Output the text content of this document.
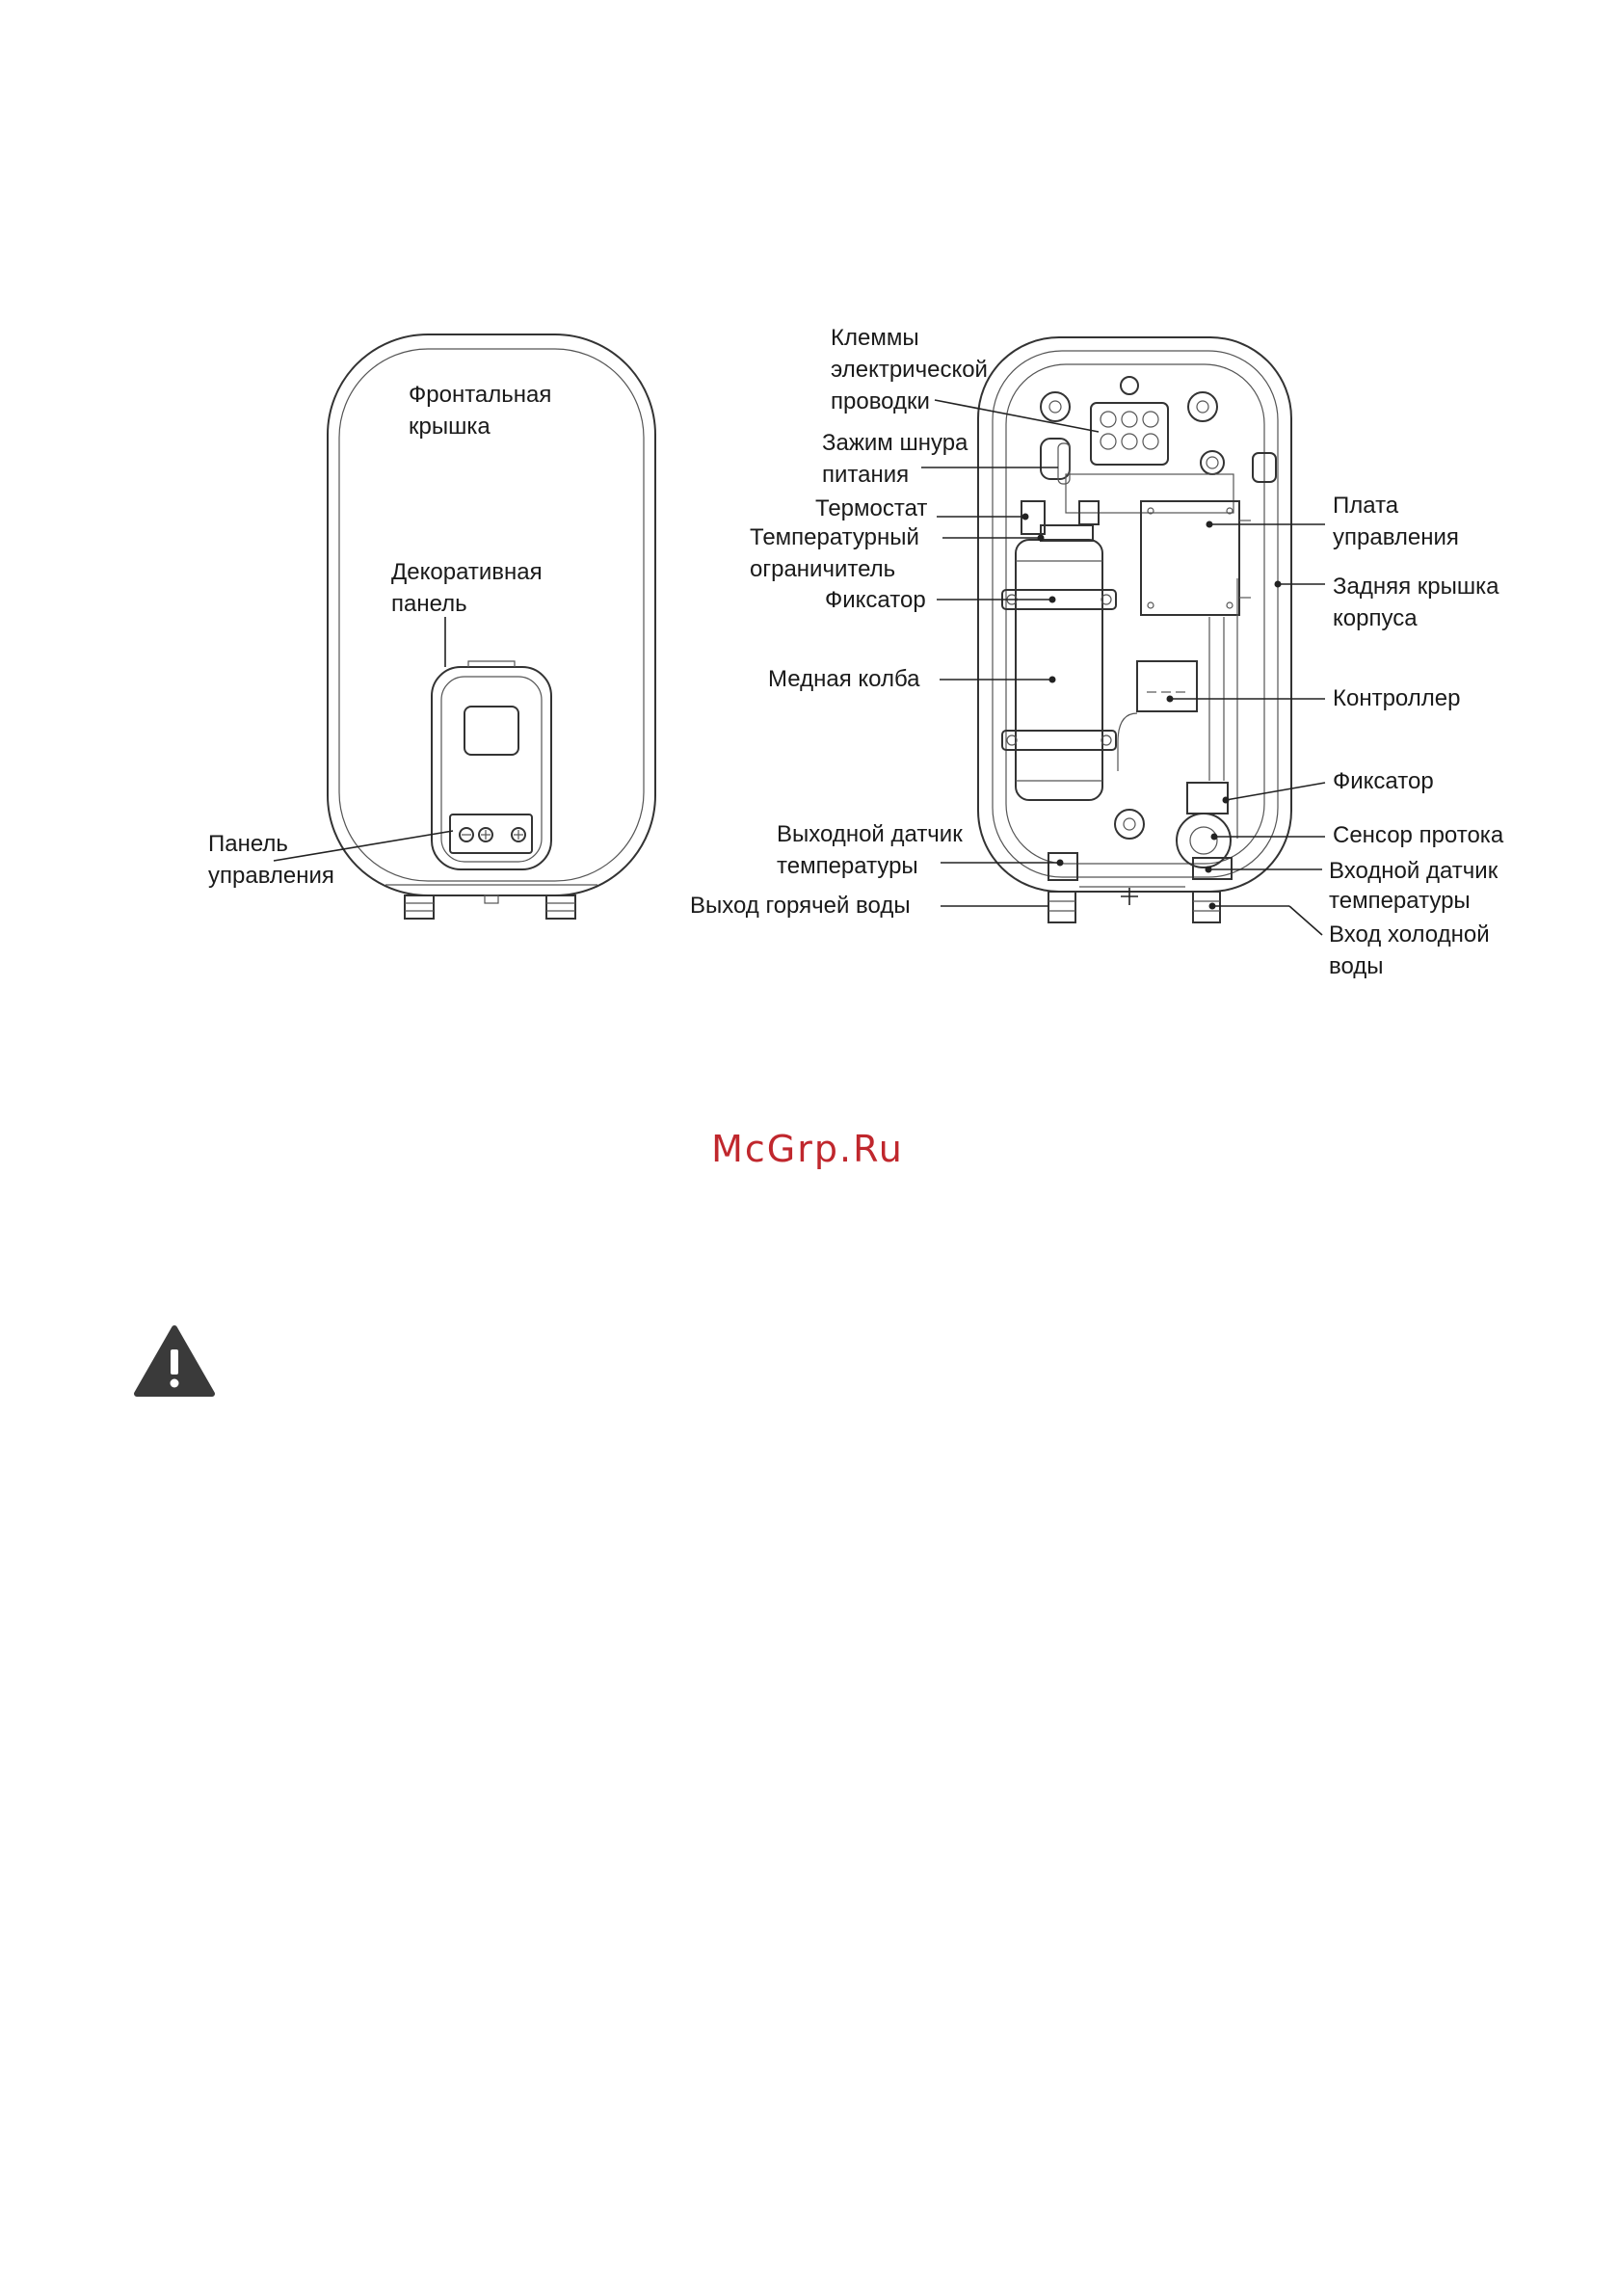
Фронтальная
крышка
Декоративная
панель
Панель
управления
Клеммы
электрической
проводки
Зажим шнура
питания
Термостат
Температурный
ограничитель
Фиксатор
Медная колба
Выходной датчик
температуры
Выход горячей воды
Плата
управления
Задняя крышка
корпуса
Контроллер
Фиксатор
Сенсор протока
Входной датчик
температуры
Вход холодной
воды
McGrp.Ru
